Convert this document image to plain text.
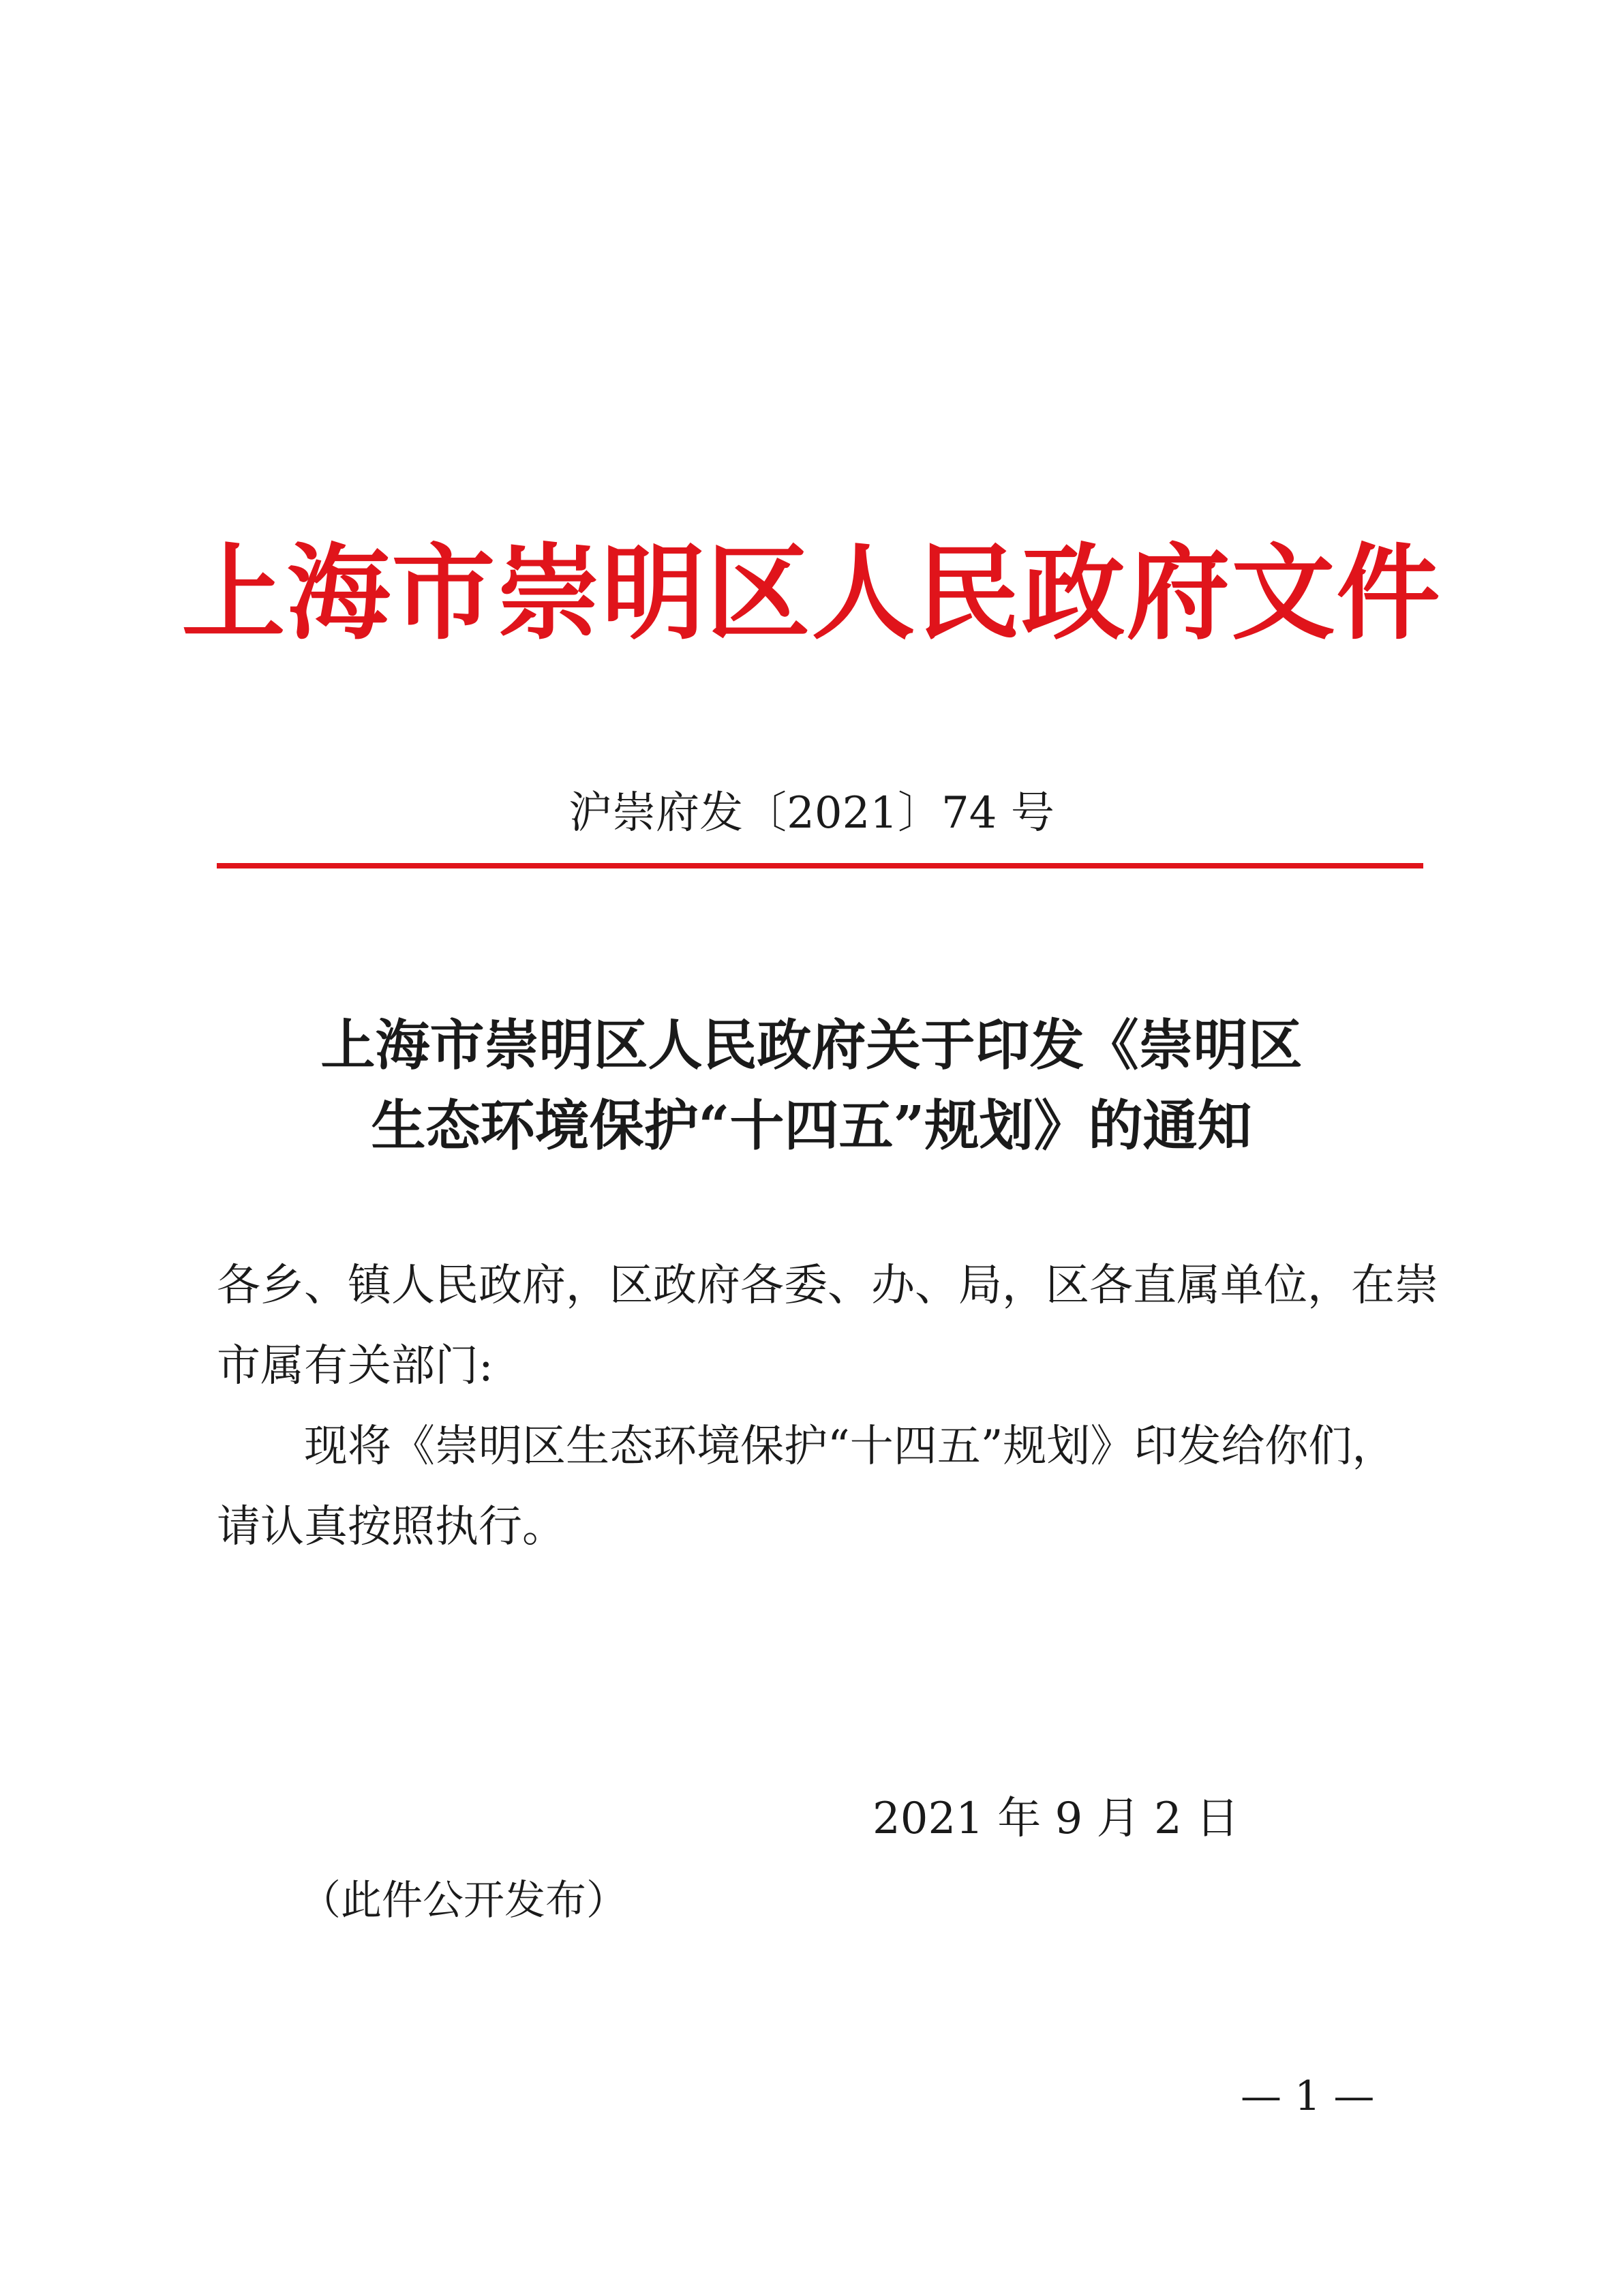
上海市崇明区人民政府文件
沪崇府发〔2021〕74 号
上海市崇明区人民政府关于印发《崇明区
生态环境保护“十四五”规划》的通知
各乡、镇人民政府，区政府各委、办、局，区各直属单位，在崇
市属有关部门:
现将《崇明区生态环境保护“十四五”规划》印发给你们，
请认真按照执行。
2021 年 9 月 2 日
（此件公开发布）
— 1 —
